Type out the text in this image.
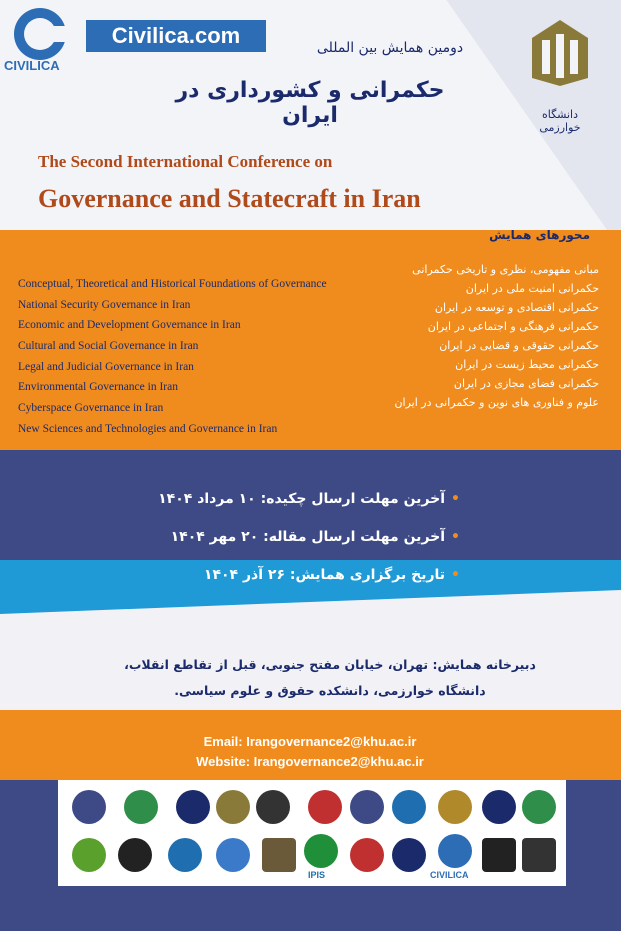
CIVILICA
Civilica.com	دومین همایش بین المللی
حکمرانی و کشورداری در ایران
The Second International Conference on
Governance and Statecraft in Iran
دانشگاه خوارزمی
محورهای همایش
مبانی مفهومی، نظری و تاریخی حکمرانی
حکمرانی امنیت ملی در ایران
حکمرانی اقتصادی و توسعه در ایران
حکمرانی فرهنگی و اجتماعی در ایران
حکمرانی حقوقی و قضایی در ایران
حکمرانی محیط زیست در ایران
حکمرانی فضای مجازی در ایران
علوم و فناوری های نوین و حکمرانی در ایران
Conceptual, Theoretical and Historical Foundations of Governance
National Security Governance in Iran
Economic and Development Governance in Iran
Cultural and Social Governance in Iran
Legal and Judicial Governance in Iran
Environmental Governance in Iran
Cyberspace Governance in Iran
New Sciences and Technologies and Governance in Iran
•آخرین مهلت ارسال چکیده: ۱۰ مرداد ۱۴۰۴
•آخرین مهلت ارسال مقاله: ۲۰ مهر ۱۴۰۴
•تاریخ برگزاری همایش: ۲۶ آذر ۱۴۰۴
دبیرخانه همایش: تهران، خیابان مفتح جنوبی، قبل از تقاطع انقلاب،
دانشگاه خوارزمی، دانشکده حقوق و علوم سیاسی.
Email: Irangovernance2@khu.ac.ir
Website: Irangovernance2@khu.ac.ir
IPIS	CIVILICA
